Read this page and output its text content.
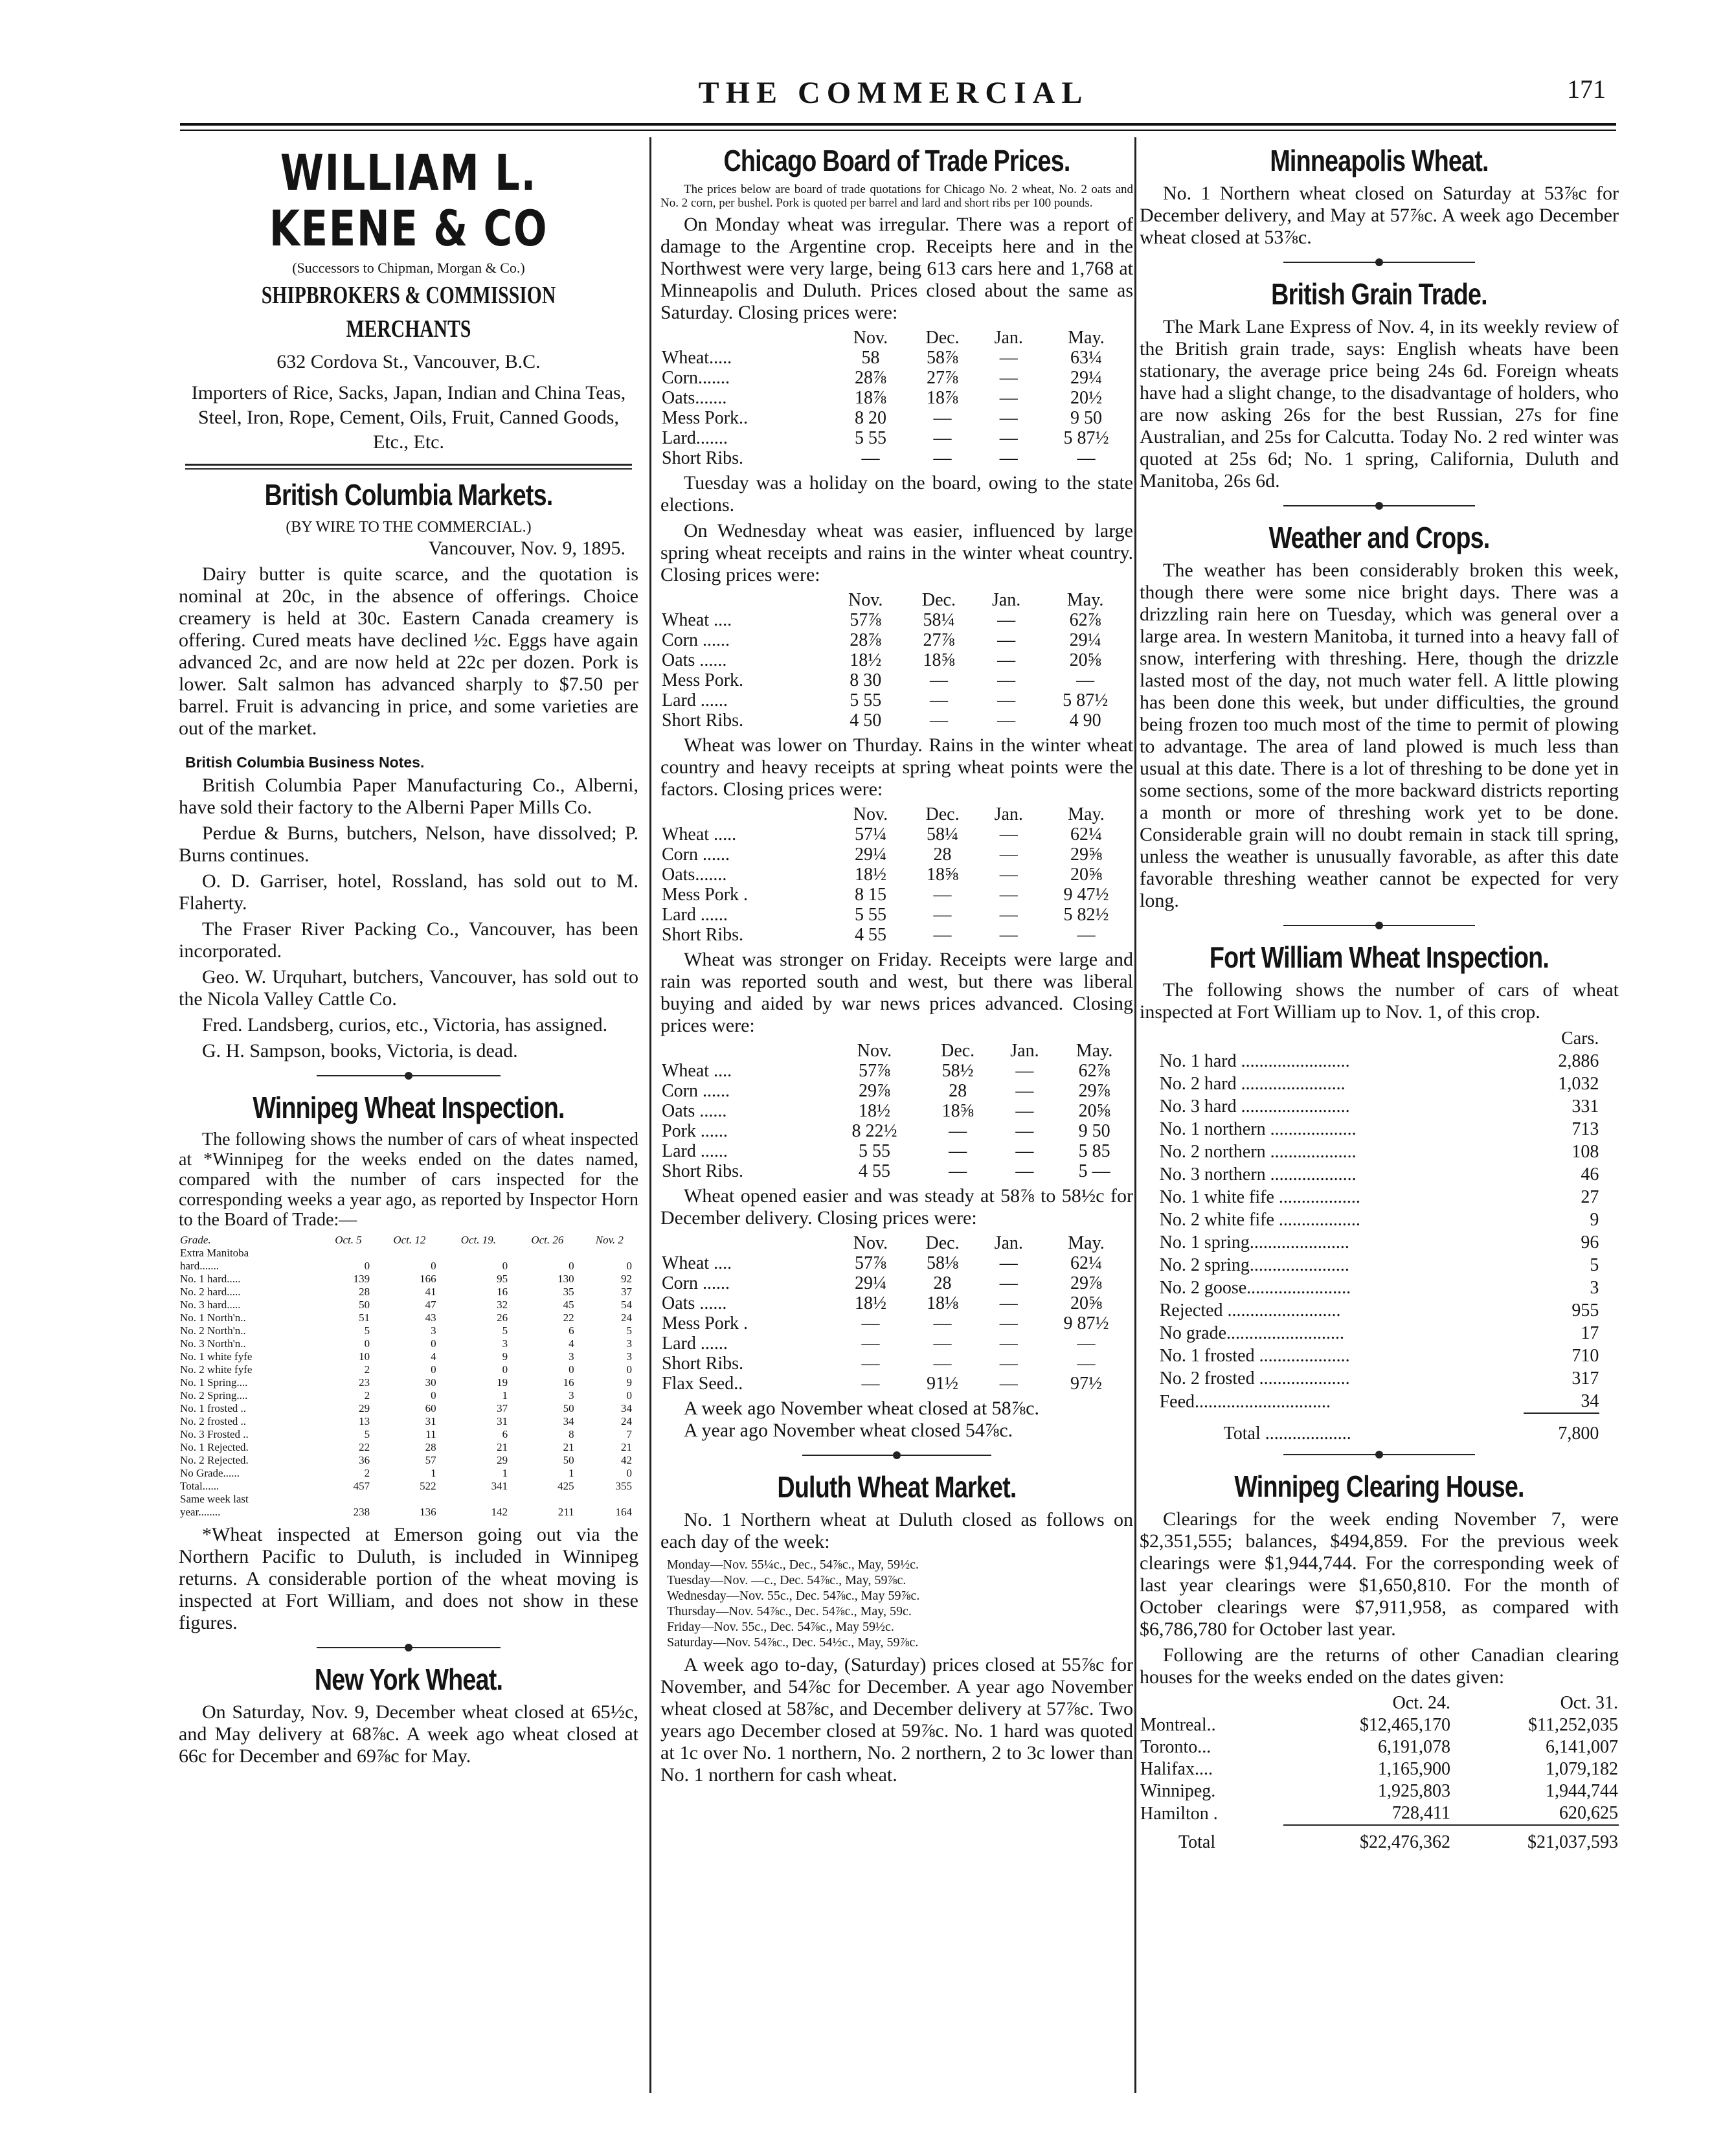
THE COMMERCIAL	171
WILLIAM L. KEENE & CO
(Successors to Chipman, Morgan & Co.)
SHIPBROKERS & COMMISSION MERCHANTS
632 Cordova St., Vancouver, B.C.

Importers of Rice, Sacks, Japan, Indian and China Teas, Steel, Iron, Rope, Cement, Oils, Fruit, Canned Goods, Etc., Etc.

British Columbia Markets.
(BY WIRE TO THE COMMERCIAL.)

Vancouver, Nov. 9, 1895.

Dairy butter is quite scarce, and the quotation is nominal at 20c, in the absence of offerings. Choice creamery is held at 30c. Eastern Canada creamery is offering. Cured meats have declined ½c. Eggs have again advanced 2c, and are now held at 22c per dozen. Pork is lower. Salt salmon has advanced sharply to $7.50 per barrel. Fruit is advancing in price, and some varieties are out of the market.

British Columbia Business Notes.

British Columbia Paper Manufacturing Co., Alberni, have sold their factory to the Alberni Paper Mills Co.

Perdue & Burns, butchers, Nelson, have dissolved; P. Burns continues.

O. D. Garriser, hotel, Rossland, has sold out to M. Flaherty.

The Fraser River Packing Co., Vancouver, has been incorporated.

Geo. W. Urquhart, butchers, Vancouver, has sold out to the Nicola Valley Cattle Co.

Fred. Landsberg, curios, etc., Victoria, has assigned.

G. H. Sampson, books, Victoria, is dead.

Winnipeg Wheat Inspection.

The following shows the number of cars of wheat inspected at *Winnipeg for the weeks ended on the dates named, compared with the number of cars inspected for the corresponding weeks a year ago, as reported by Inspector Horn to the Board of Trade:—

Grade.	Oct. 5	Oct. 12	Oct. 19.	Oct. 26	Nov. 2
Extra Manitoba					
hard.......	0	0	0	0	0
No. 1 hard.....	139	166	95	130	92
No. 2 hard.....	28	41	16	35	37
No. 3 hard.....	50	47	32	45	54
No. 1 North'n..	51	43	26	22	24
No. 2 North'n..	5	3	5	6	5
No. 3 North'n..	0	0	3	4	3
No. 1 white fyfe	10	4	9	3	3
No. 2 white fyfe	2	0	0	0	0
No. 1 Spring....	23	30	19	16	9
No. 2 Spring....	2	0	1	3	0
No. 1 frosted ..	29	60	37	50	34
No. 2 frosted ..	13	31	31	34	24
No. 3 Frosted ..	5	11	6	8	7
No. 1 Rejected.	22	28	21	21	21
No. 2 Rejected.	36	57	29	50	42
No Grade......	2	1	1	1	0
Total......	457	522	341	425	355
Same week last					
year........	238	136	142	211	164

*Wheat inspected at Emerson going out via the Northern Pacific to Duluth, is included in Winnipeg returns. A considerable portion of the wheat moving is inspected at Fort William, and does not show in these figures.

New York Wheat.

On Saturday, Nov. 9, December wheat closed at 65½c, and May delivery at 68⅞c. A week ago wheat closed at 66c for December and 69⅞c for May.

Chicago Board of Trade Prices.

The prices below are board of trade quotations for Chicago No. 2 wheat, No. 2 oats and No. 2 corn, per bushel. Pork is quoted per barrel and lard and short ribs per 100 pounds.

On Monday wheat was irregular. There was a report of damage to the Argentine crop. Receipts here and in the Northwest were very large, being 613 cars here and 1,768 at Minneapolis and Duluth. Prices closed about the same as Saturday. Closing prices were:

	Nov.	Dec.	Jan.	May.
Wheat.....	58	58⅞	—	63¼
Corn.......	28⅞	27⅞	—	29¼
Oats.......	18⅞	18⅞	—	20½
Mess Pork..	8 20	—	—	9 50
Lard.......	5 55	—	—	5 87½
Short Ribs.	—	—	—	—

Tuesday was a holiday on the board, owing to the state elections.

On Wednesday wheat was easier, influenced by large spring wheat receipts and rains in the winter wheat country. Closing prices were:

	Nov.	Dec.	Jan.	May.
Wheat ....	57⅞	58¼	—	62⅞
Corn ......	28⅞	27⅞	—	29¼
Oats ......	18½	18⅝	—	20⅝
Mess Pork.	8 30	—	—	—
Lard ......	5 55	—	—	5 87½
Short Ribs.	4 50	—	—	4 90

Wheat was lower on Thurday. Rains in the winter wheat country and heavy receipts at spring wheat points were the factors. Closing prices were:

	Nov.	Dec.	Jan.	May.
Wheat .....	57¼	58¼	—	62¼
Corn ......	29¼	28	—	29⅝
Oats.......	18½	18⅝	—	20⅝
Mess Pork .	8 15	—	—	9 47½
Lard ......	5 55	—	—	5 82½
Short Ribs.	4 55	—	—	—

Wheat was stronger on Friday. Receipts were large and rain was reported south and west, but there was liberal buying and aided by war news prices advanced. Closing prices were:

	Nov.	Dec.	Jan.	May.
Wheat ....	57⅞	58½	—	62⅞
Corn ......	29⅞	28	—	29⅞
Oats ......	18½	18⅝	—	20⅝
Pork ......	8 22½	—	—	9 50
Lard ......	5 55	—	—	5 85
Short Ribs.	4 55	—	—	5 —

Wheat opened easier and was steady at 58⅞ to 58½c for December delivery. Closing prices were:

	Nov.	Dec.	Jan.	May.
Wheat ....	57⅞	58⅛	—	62¼
Corn ......	29¼	28	—	29⅞
Oats ......	18½	18⅛	—	20⅝
Mess Pork .	—	—	—	9 87½
Lard ......	—	—	—	—
Short Ribs.	—	—	—	—
Flax Seed..	—	91½	—	97½

A week ago November wheat closed at 58⅞c.

A year ago November wheat closed 54⅞c.

Duluth Wheat Market.

No. 1 Northern wheat at Duluth closed as follows on each day of the week:

Monday—Nov. 55¼c., Dec., 54⅞c., May, 59½c.
Tuesday—Nov. —c., Dec. 54⅞c., May, 59⅞c.
Wednesday—Nov. 55c., Dec. 54⅞c., May 59⅞c.
Thursday—Nov. 54⅞c., Dec. 54⅞c., May, 59c.
Friday—Nov. 55c., Dec. 54⅞c., May 59½c.
Saturday—Nov. 54⅞c., Dec. 54½c., May, 59⅞c.

A week ago to-day, (Saturday) prices closed at 55⅞c for November, and 54⅞c for December. A year ago November wheat closed at 58⅞c, and December delivery at 57⅞c. Two years ago December closed at 59⅞c. No. 1 hard was quoted at 1c over No. 1 northern, No. 2 northern, 2 to 3c lower than No. 1 northern for cash wheat.

Minneapolis Wheat.

No. 1 Northern wheat closed on Saturday at 53⅞c for December delivery, and May at 57⅞c. A week ago December wheat closed at 53⅞c.

British Grain Trade.

The Mark Lane Express of Nov. 4, in its weekly review of the British grain trade, says: English wheats have been stationary, the average price being 24s 6d. Foreign wheats have had a slight change, to the disadvantage of holders, who are now asking 26s for the best Russian, 27s for fine Australian, and 25s for Calcutta. Today No. 2 red winter was quoted at 25s 6d; No. 1 spring, California, Duluth and Manitoba, 26s 6d.

Weather and Crops.

The weather has been considerably broken this week, though there were some nice bright days. There was a drizzling rain here on Tuesday, which was general over a large area. In western Manitoba, it turned into a heavy fall of snow, interfering with threshing. Here, though the drizzle lasted most of the day, not much water fell. A little plowing has been done this week, but under difficulties, the ground being frozen too much most of the time to permit of plowing to advantage. The area of land plowed is much less than usual at this date. There is a lot of threshing to be done yet in some sections, some of the more backward districts reporting a month or more of threshing work yet to be done. Considerable grain will no doubt remain in stack till spring, unless the weather is unusually favorable, as after this date favorable threshing weather cannot be expected for very long.

Fort William Wheat Inspection.

The following shows the number of cars of wheat inspected at Fort William up to Nov. 1, of this crop.

	Cars.
No. 1 hard ........................	2,886
No. 2 hard .......................	1,032
No. 3 hard ........................	331
No. 1 northern ...................	713
No. 2 northern ...................	108
No. 3 northern ...................	46
No. 1 white fife ..................	27
No. 2 white fife ..................	9
No. 1 spring......................	96
No. 2 spring......................	5
No. 2 goose.......................	3
Rejected .........................	955
No grade..........................	17
No. 1 frosted ....................	710
No. 2 frosted ....................	317
Feed..............................	34
Total ...................	7,800
Winnipeg Clearing House.

Clearings for the week ending November 7, were $2,351,555; balances, $494,859. For the previous week clearings were $1,944,744. For the corresponding week of last year clearings were $1,650,810. For the month of October clearings were $7,911,958, as compared with $6,786,780 for October last year.

Following are the returns of other Canadian clearing houses for the weeks ended on the dates given:

	Oct. 24.	Oct. 31.
Montreal..	$12,465,170	$11,252,035
Toronto...	6,191,078	6,141,007
Halifax....	1,165,900	1,079,182
Winnipeg.	1,925,803	1,944,744
Hamilton .	728,411	620,625
Total	$22,476,362	$21,037,593
